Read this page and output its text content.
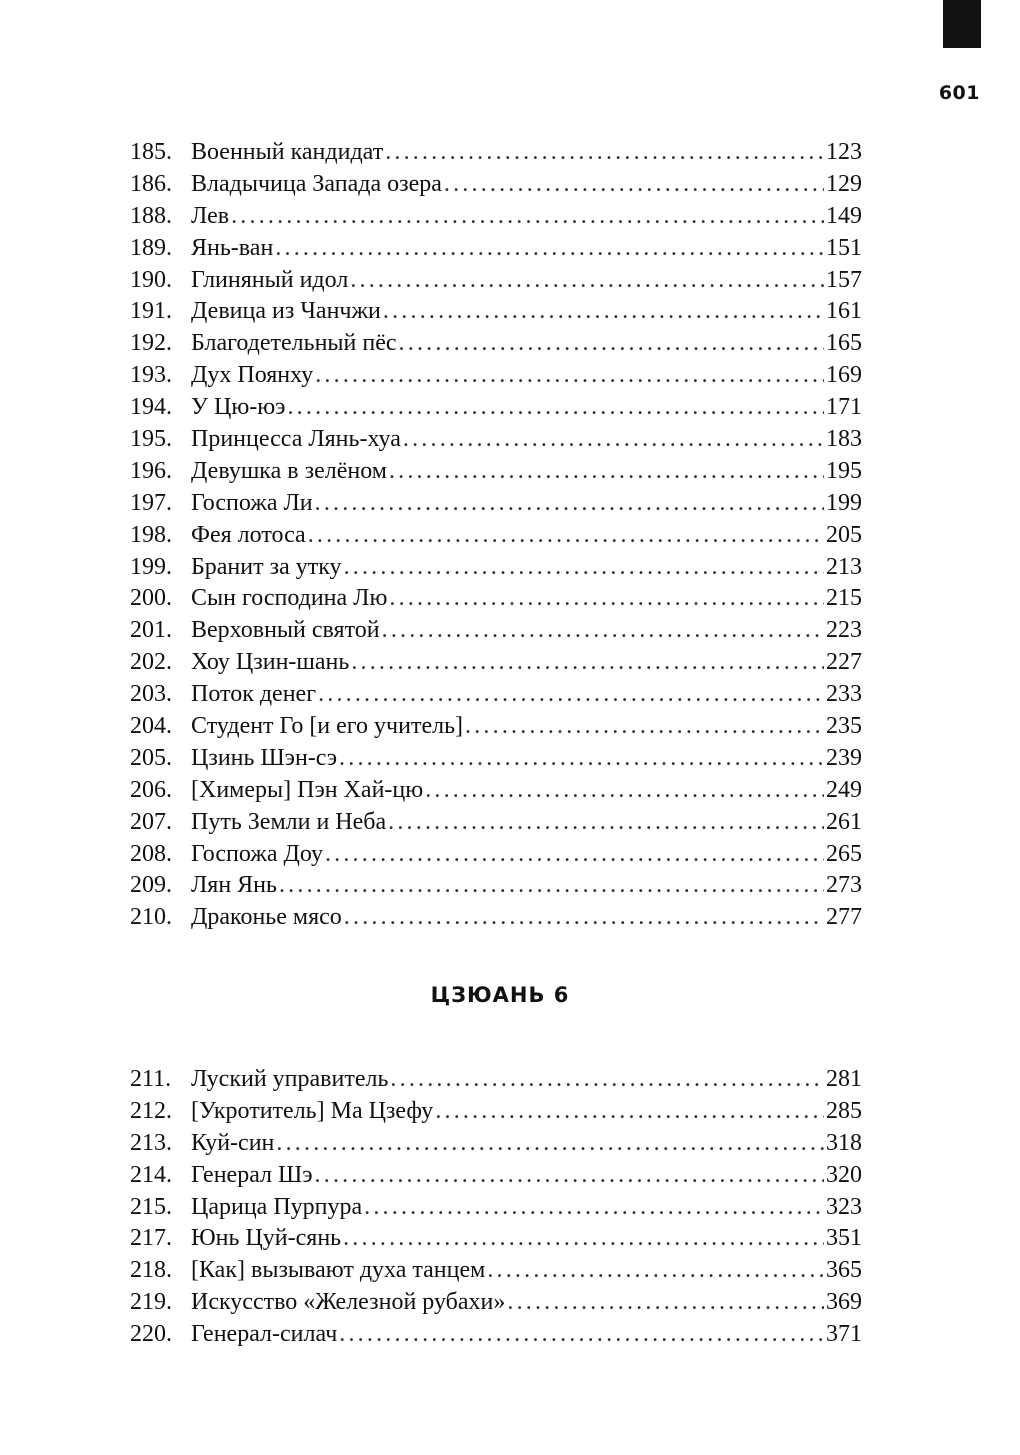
601
185. Военный кандидат .....	123
186. Владычица Запада озера .....	129
188. Лев .....	149
189. Янь-ван .....	151
190. Глиняный идол .....	157
191. Девица из Чанчжи .....	161
192. Благодетельный пёс .....	165
193. Дух Поянху .....	169
194. У Цю-юэ .....	171
195. Принцесса Лянь-хуа .....	183
196. Девушка в зелёном .....	195
197. Госпожа Ли .....	199
198. Фея лотоса .....	205
199. Бранит за утку .....	213
200. Сын господина Лю .....	215
201. Верховный святой .....	223
202. Хоу Цзин-шань .....	227
203. Поток денег .....	233
204. Студент Го [и его учитель] .....	235
205. Цзинь Шэн-сэ .....	239
206. [Химеры] Пэн Хай-цю .....	249
207. Путь Земли и Неба .....	261
208. Госпожа Доу .....	265
209. Лян Янь .....	273
210. Драконье мясо .....	277
ЦЗЮАНЬ 6
211. Луский управитель .....	281
212. [Укротитель] Ма Цзефу .....	285
213. Куй-син .....	318
214. Генерал Шэ .....	320
215. Царица Пурпура .....	323
217. Юнь Цуй-сянь .....	351
218. [Как] вызывают духа танцем .....	365
219. Искусство «Железной рубахи» .....	369
220. Генерал-силач .....	371
